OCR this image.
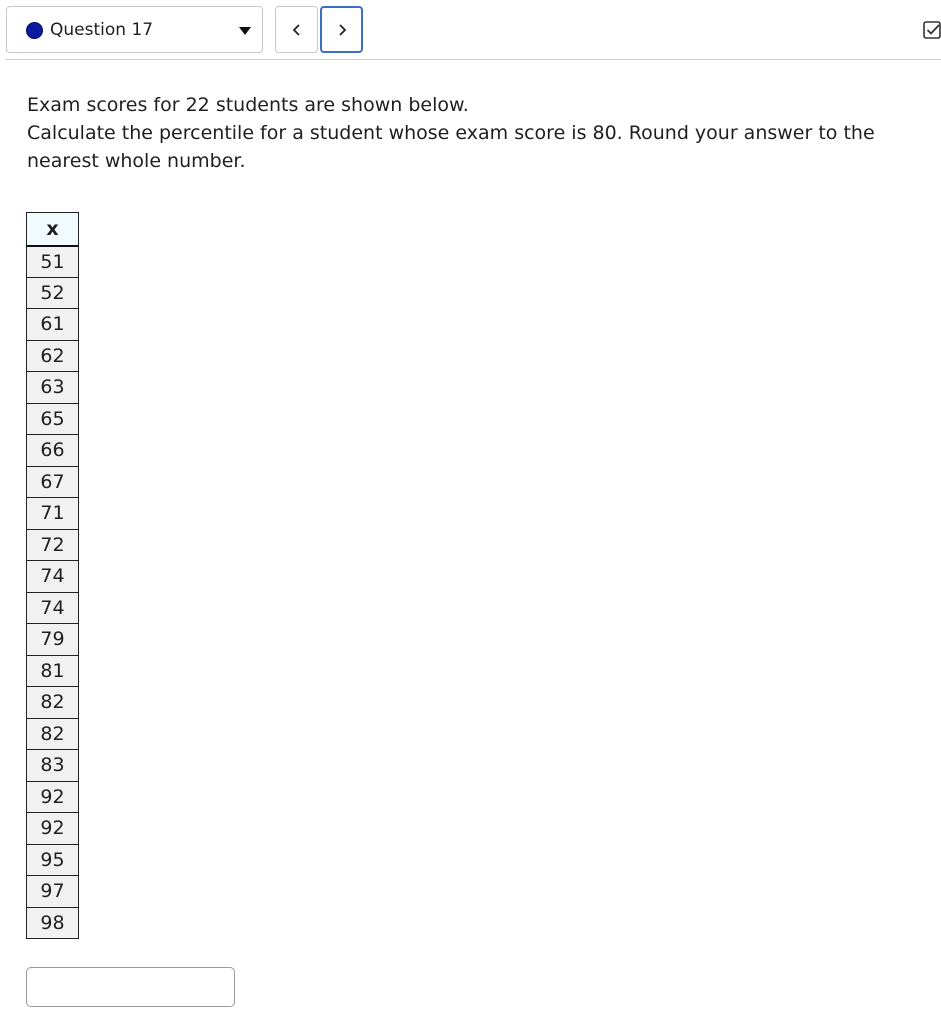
Question 17

Exam scores for 22 students are shown below.

Calculate the percentile for a student whose exam score is 80. Round your answer to the nearest whole number.

x
51
52
61
62
63
65
66
67
71
72
74
74
79
81
82
82
83
92
92
95
97
98
